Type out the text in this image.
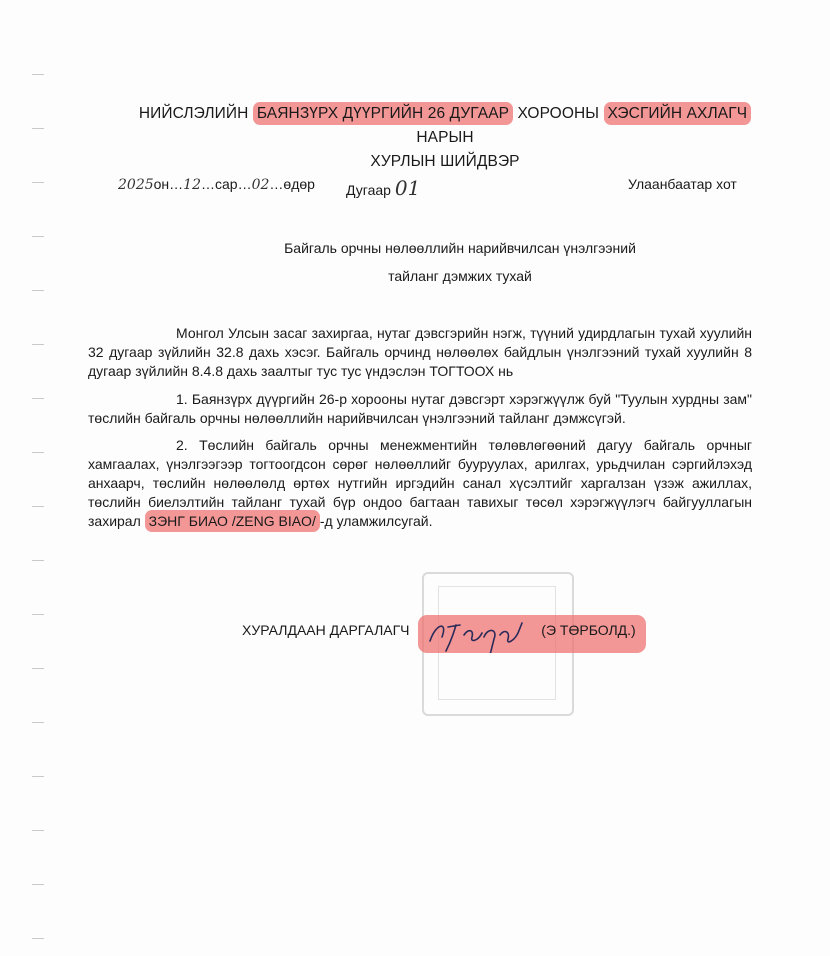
НИЙСЛЭЛИЙН БАЯНЗҮРХ ДҮҮРГИЙН 26 ДУГААР ХОРООНЫ ХЭСГИЙН АХЛАГЧ НАРЫН
ХУРЛЫН ШИЙДВЭР
2025он…12…сар…02…өдөр Дугаар 01	Улаанбаатар хот
Байгаль орчны нөлөөллийн нарийвчилсан үнэлгээний
тайланг дэмжих тухай
Монгол Улсын засаг захиргаа, нутаг дэвсгэрийн нэгж, түүний удирдлагын тухай хуулийн 32 дугаар зүйлийн 32.8 дахь хэсэг. Байгаль орчинд нөлөөлөх байдлын үнэлгээний тухай хуулийн 8 дугаар зүйлийн 8.4.8 дахь заалтыг тус тус үндэслэн ТОГТООХ нь
1. Баянзүрх дүүргийн 26-р хорооны нутаг дэвсгэрт хэрэгжүүлж буй "Туулын хурдны зам" төслийн байгаль орчны нөлөөллийн нарийвчилсан үнэлгээний тайланг дэмжсүгэй.
2. Төслийн байгаль орчны менежментийн төлөвлөгөөний дагуу байгаль орчныг хамгаалах, үнэлгээгээр тогтоогдсон сөрөг нөлөөллийг бууруулах, арилгах, урьдчилан сэргийлэхэд анхаарч, төслийн нөлөөлөлд өртөх нутгийн иргэдийн санал хүсэлтийг харгалзан үзэж ажиллах, төслийн биелэлтийн тайланг тухай бүр ондоо багтаан тавихыг төсөл хэрэгжүүлэгч байгууллагын захирал ЗЭНГ БИАО /ZENG BIAO/ -д уламжилсугай.
ХУРАЛДААН ДАРГАЛАГЧ	(Э ТӨРБОЛД.)
